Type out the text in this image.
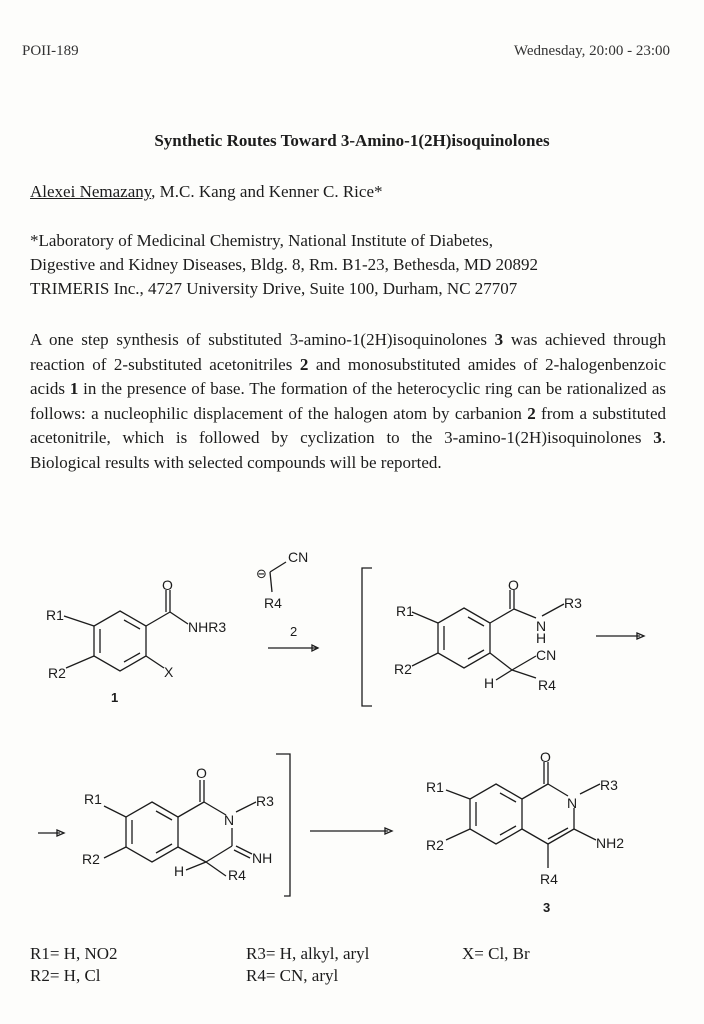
POII-189	Wednesday, 20:00 - 23:00
Synthetic Routes Toward 3-Amino-1(2H)isoquinolones
Alexei Nemazany, M.C. Kang and Kenner C. Rice*

*Laboratory of Medicinal Chemistry, National Institute of Diabetes,

Digestive and Kidney Diseases, Bldg. 8, Rm. B1-23, Bethesda, MD 20892

TRIMERIS Inc., 4727 University Drive, Suite 100, Durham, NC 27707

A one step synthesis of substituted 3-amino-1(2H)isoquinolones 3 was achieved through reaction of 2-substituted acetonitriles 2 and monosubstituted amides of 2-halogenbenzoic acids 1 in the presence of base. The formation of the heterocyclic ring can be rationalized as follows: a nucleophilic displacement of the halogen atom by carbanion 2 from a substituted acetonitrile, which is followed by cyclization to the 3-amino-1(2H)isoquinolones 3. Biological results with selected compounds will be reported.

O
NHR3
X
R1
R2
1
⊖
CN
R4
2
O
N
H
R3
CN
R4
H
R1
R2
O
N
R3
NH
R4
H
R1
R2
O
N
R3
NH2
R4
R1
R2
3
R1= H, NO2
R2= H, Cl
R3= H, alkyl, aryl
R4= CN, aryl
X= Cl, Br
